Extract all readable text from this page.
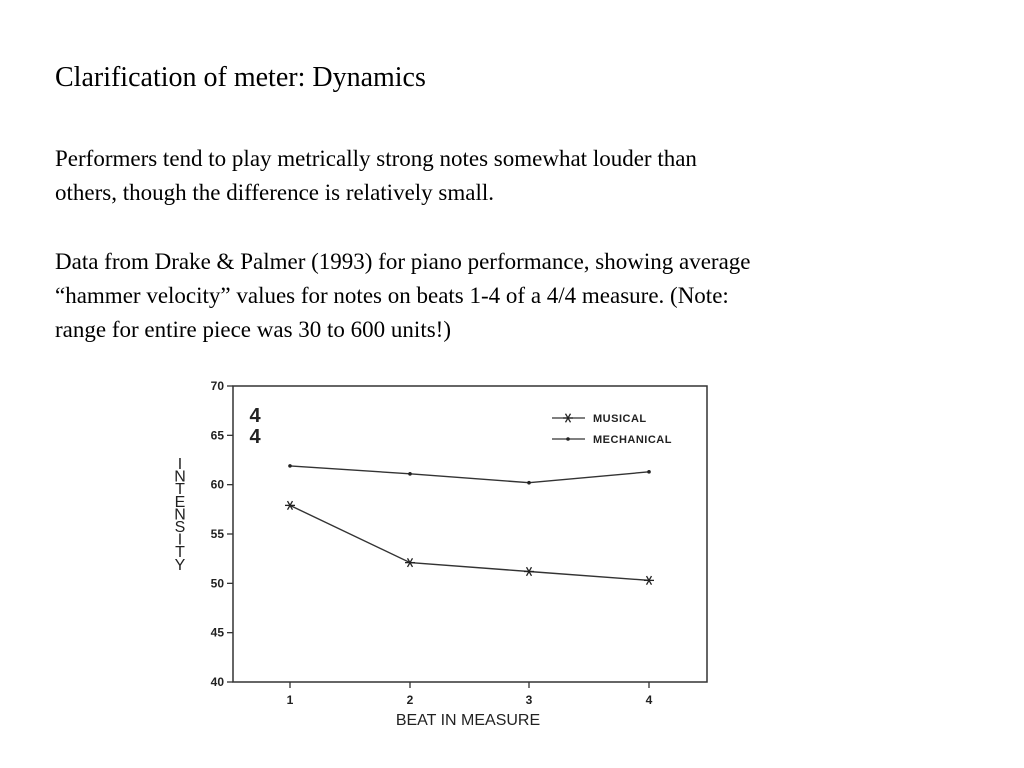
Clarification of meter: Dynamics
Performers tend to play metrically strong notes somewhat louder than
others, though the difference is relatively small.
Data from Drake & Palmer (1993) for piano performance, showing average
“hammer velocity” values for notes on beats 1-4 of a 4/4 measure. (Note:
range for entire piece was 30 to 600 units!)
I
N
T
E
N
S
I
T
Y
40
45
50
55
60
65
70
1	2	3	4
BEAT IN MEASURE
4
4
MUSICAL
MECHANICAL
